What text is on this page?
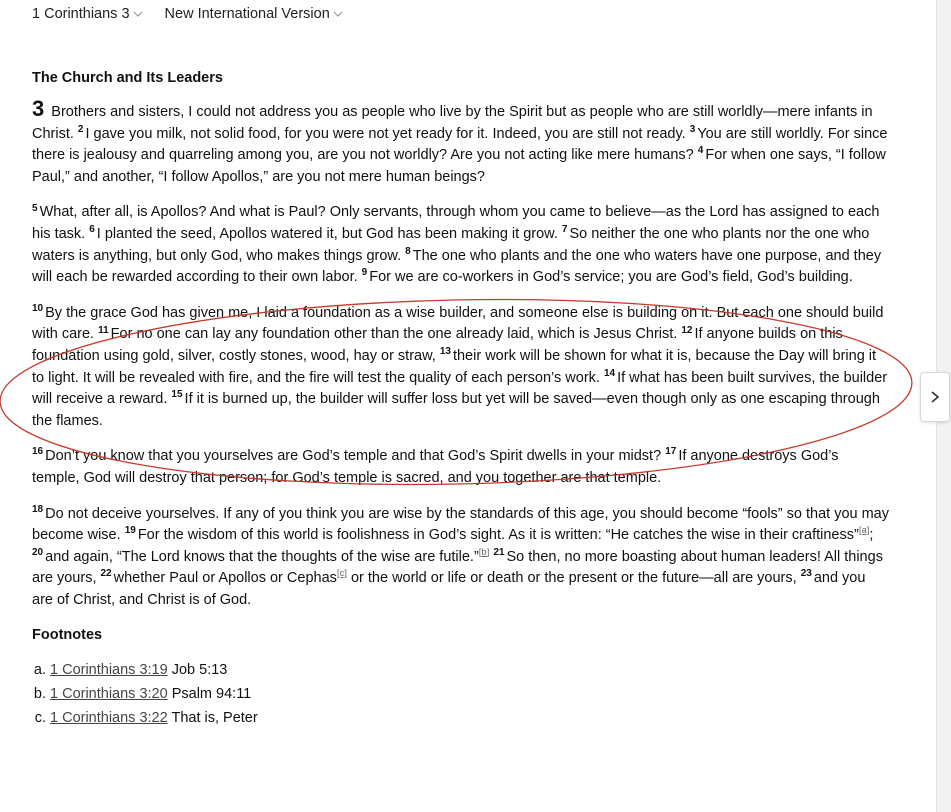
1 Corinthians 3 New International Version
The Church and Its Leaders

3 Brothers and sisters, I could not address you as people who live by the Spirit but as people who are still worldly—mere infants in Christ. $^2$ I gave you milk, not solid food, for you were not yet ready for it. Indeed, you are still not ready. $^3$ You are still worldly. For since there is jealousy and quarreling among you, are you not worldly? Are you not acting like mere humans? $^4$ For when one says, “I follow Paul,” and another, “I follow Apollos,” are you not mere human beings?

$^5$ What, after all, is Apollos? And what is Paul? Only servants, through whom you came to believe—as the Lord has assigned to each his task. $^6$ I planted the seed, Apollos watered it, but God has been making it grow. $^7$ So neither the one who plants nor the one who waters is anything, but only God, who makes things grow. $^8$ The one who plants and the one who waters have one purpose, and they will each be rewarded according to their own labor. $^9$ For we are co-workers in God’s service; you are God’s field, God’s building.

$^{10}$ By the grace God has given me, I laid a foundation as a wise builder, and someone else is building on it. But each one should build with care. $^{11}$ For no one can lay any foundation other than the one already laid, which is Jesus Christ. $^{12}$ If anyone builds on this foundation using gold, silver, costly stones, wood, hay or straw, $^{13}$ their work will be shown for what it is, because the Day will bring it to light. It will be revealed with fire, and the fire will test the quality of each person’s work. $^{14}$ If what has been built survives, the builder will receive a reward. $^{15}$ If it is burned up, the builder will suffer loss but yet will be saved—even though only as one escaping through the flames.

$^{16}$ Don’t you know that you yourselves are God’s temple and that God’s Spirit dwells in your midst? $^{17}$ If anyone destroys God’s temple, God will destroy that person; for God’s temple is sacred, and you together are that temple.

$^{18}$ Do not deceive yourselves. If any of you think you are wise by the standards of this age, you should become “fools” so that you may become wise. $^{19}$ For the wisdom of this world is foolishness in God’s sight. As it is written: “He catches the wise in their craftiness”[a]; $^{20}$ and again, “The Lord knows that the thoughts of the wise are futile.”[b] $^{21}$ So then, no more boasting about human leaders! All things are yours, $^{22}$ whether Paul or Apollos or Cephas[c] or the world or life or death or the present or the future—all are yours, $^{23}$ and you are of Christ, and Christ is of God.

Footnotes
a. 1 Corinthians 3:19 Job 5:13
b. 1 Corinthians 3:20 Psalm 94:11
c. 1 Corinthians 3:22 That is, Peter
